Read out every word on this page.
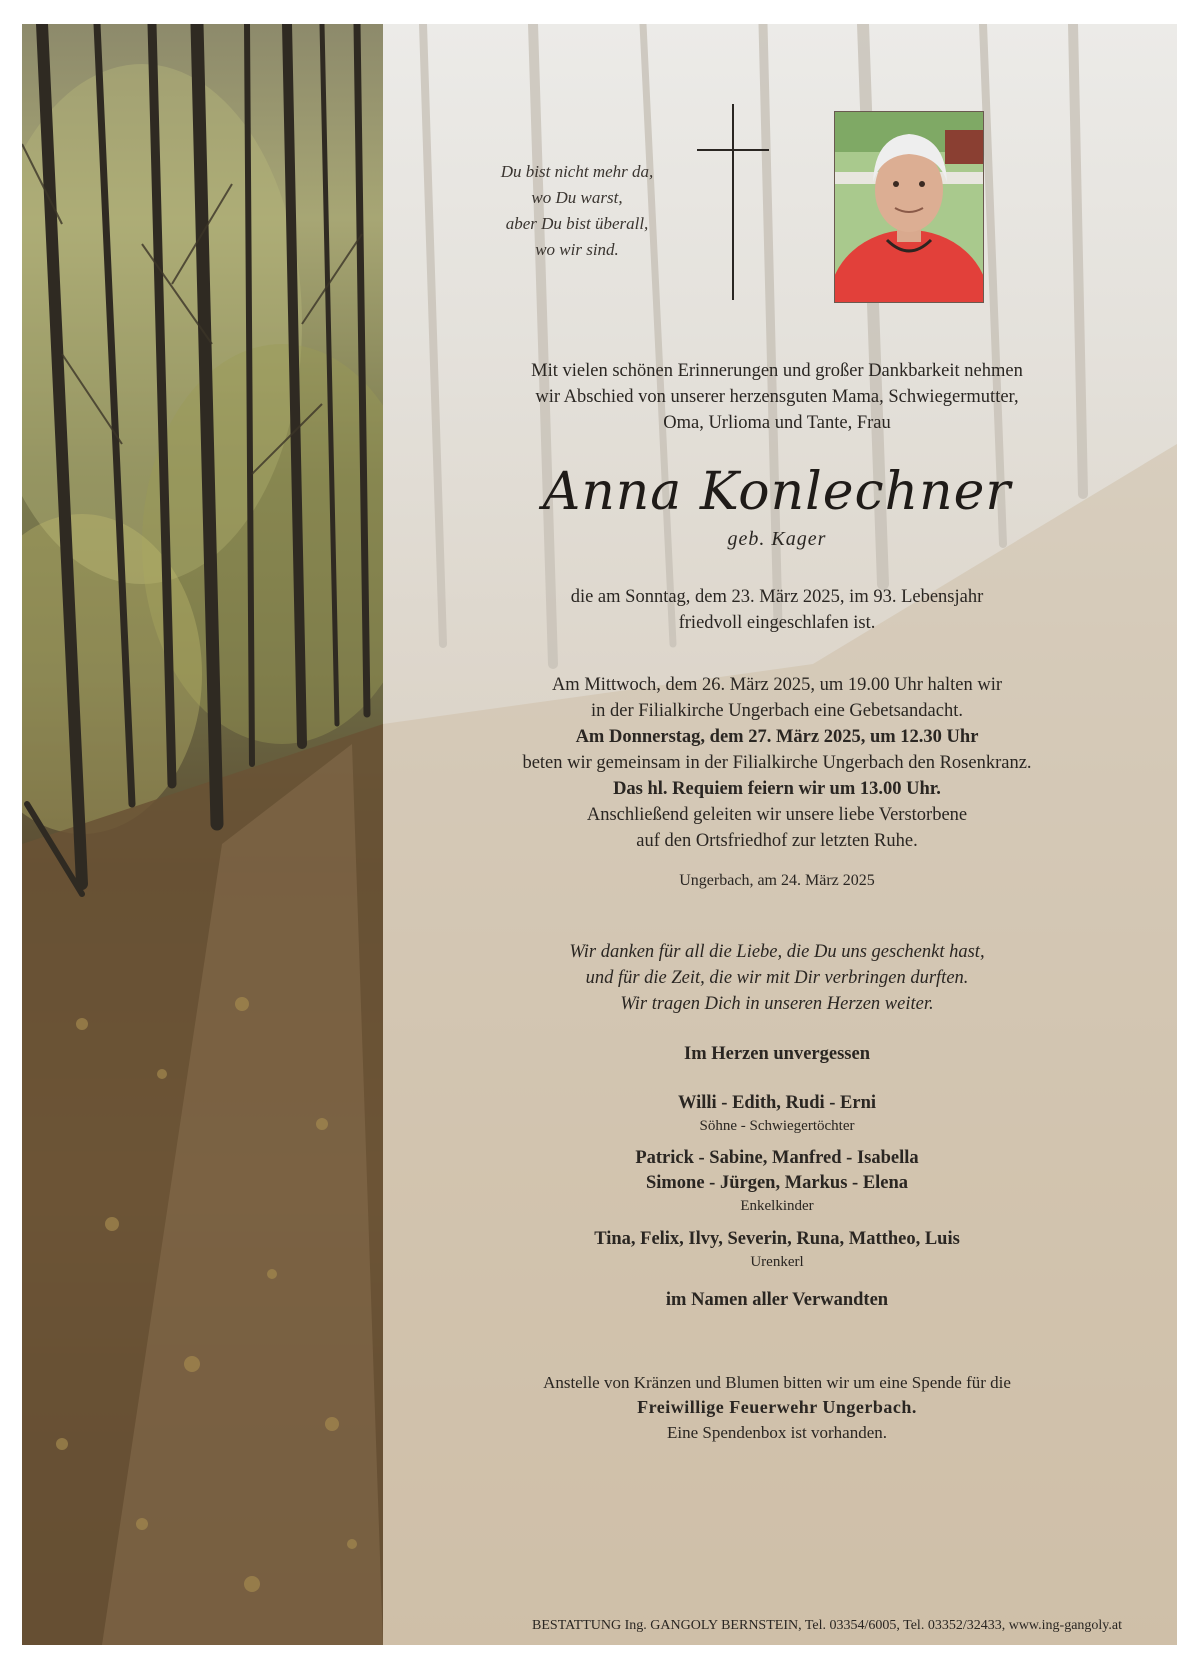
Du bist nicht mehr da,
wo Du warst,
aber Du bist überall,
wo wir sind.
Mit vielen schönen Erinnerungen und großer Dankbarkeit nehmen
wir Abschied von unserer herzensguten Mama, Schwiegermutter,
Oma, Urlioma und Tante, Frau
Anna Konlechner
geb. Kager
die am Sonntag, dem 23. März 2025, im 93. Lebensjahr
friedvoll eingeschlafen ist.
Am Mittwoch, dem 26. März 2025, um 19.00 Uhr halten wir
in der Filialkirche Ungerbach eine Gebetsandacht.
Am Donnerstag, dem 27. März 2025, um 12.30 Uhr
beten wir gemeinsam in der Filialkirche Ungerbach den Rosenkranz.
Das hl. Requiem feiern wir um 13.00 Uhr.
Anschließend geleiten wir unsere liebe Verstorbene
auf den Ortsfriedhof zur letzten Ruhe.
Ungerbach, am 24. März 2025
Wir danken für all die Liebe, die Du uns geschenkt hast,
und für die Zeit, die wir mit Dir verbringen durften.
Wir tragen Dich in unseren Herzen weiter.
Im Herzen unvergessen
Willi - Edith, Rudi - Erni
Söhne - Schwiegertöchter
Patrick - Sabine, Manfred - Isabella
Simone - Jürgen, Markus - Elena
Enkelkinder
Tina, Felix, Ilvy, Severin, Runa, Mattheo, Luis
Urenkerl
im Namen aller Verwandten
Anstelle von Kränzen und Blumen bitten wir um eine Spende für die
Freiwillige Feuerwehr Ungerbach.
Eine Spendenbox ist vorhanden.
BESTATTUNG Ing. GANGOLY BERNSTEIN, Tel. 03354/6005, Tel. 03352/32433, www.ing-gangoly.at
